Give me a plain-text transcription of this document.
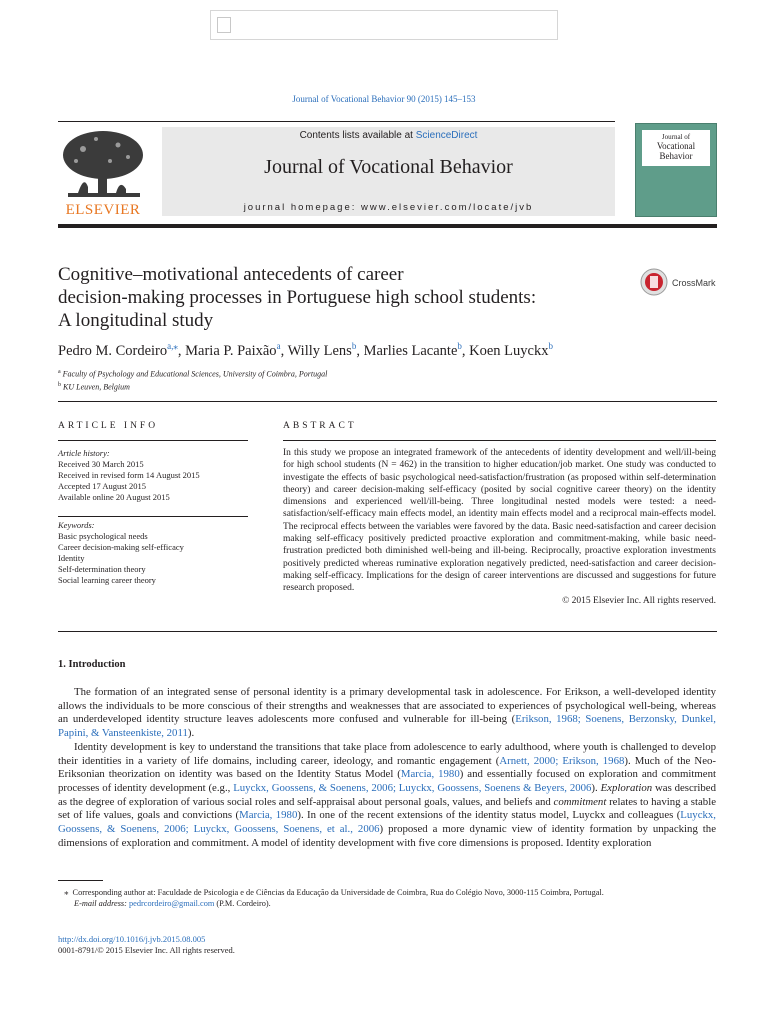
Journal of Vocational Behavior 90 (2015) 145–153
ELSEVIER
Contents lists available at ScienceDirect
Journal of Vocational Behavior
journal homepage: www.elsevier.com/locate/jvb
Journal of
Vocational
Behavior
Cognitive–motivational antecedents of career
decision-making processes in Portuguese high school students:
A longitudinal study
CrossMark
Pedro M. Cordeiro$^{a,⁎}$, Maria P. Paixão$^a$, Willy Lens$^b$, Marlies Lacante$^b$, Koen Luyckx$^b$
$^a$ Faculty of Psychology and Educational Sciences, University of Coimbra, Portugal
$^b$ KU Leuven, Belgium
ARTICLE INFO
Article history:
Received 30 March 2015
Received in revised form 14 August 2015
Accepted 17 August 2015
Available online 20 August 2015
Keywords:
Basic psychological needs
Career decision-making self-efficacy
Identity
Self-determination theory
Social learning career theory
ABSTRACT
In this study we propose an integrated framework of the antecedents of identity development and well/ill-being for high school students (N = 462) in the transition to higher education/job market. One study was conducted to investigate the effects of basic psychological need-satisfaction/frustration (as proposed within self-determination theory) and career decision-making self-efficacy (posited by social cognitive career theory) on the identity dimensions and experienced well/ill-being. Three longitudinal nested models were tested: a need-satisfaction/self-efficacy main effects model, an identity main effects model and a reciprocal main-effects model. The reciprocal effects between the variables were favored by the data. Basic need-satisfaction and career decision making self-efficacy positively predicted proactive exploration and commitment-making, while basic need-frustration predicted both diminished well-being and ill-being. Reciprocally, proactive exploration investments positively predicted whereas ruminative exploration negatively predicted, need-satisfaction and career decision-making self-efficacy. Implications for the design of career interventions are discussed and suggestions for future research proposed.
© 2015 Elsevier Inc. All rights reserved.
1. Introduction

The formation of an integrated sense of personal identity is a primary developmental task in adolescence. For Erikson, a well-developed identity allows the individuals to be more conscious of their strengths and weaknesses that are associated to experiences of psychological well-being, whereas an underdeveloped identity structure leaves adolescents more confused and vulnerable for ill-being (Erikson, 1968; Soenens, Berzonsky, Dunkel, Papini, & Vansteenkiste, 2011).

Identity development is key to understand the transitions that take place from adolescence to early adulthood, where youth is challenged to develop their identities in a variety of life domains, including career, ideology, and romantic engagement (Arnett, 2000; Erikson, 1968). Much of the Neo-Eriksonian theorization on identity was based on the Identity Status Model (Marcia, 1980) and essentially focused on exploration and commitment processes of identity development (e.g., Luyckx, Goossens, & Soenens, 2006; Luyckx, Goossens, Soenens & Beyers, 2006). Exploration was described as the degree of exploration of various social roles and self-appraisal about personal goals, values, and beliefs and commitment relates to having a stable set of life values, goals and convictions (Marcia, 1980). In one of the recent extensions of the identity status model, Luyckx and colleagues (Luyckx, Goossens, & Soenens, 2006; Luyckx, Goossens, Soenens, et al., 2006) proposed a more dynamic view of identity formation by unpacking the dimensions of exploration and commitment. A model of identity development with five core dimensions is proposed. Identity exploration

⁎ Corresponding author at: Faculdade de Psicologia e de Ciências da Educação da Universidade de Coimbra, Rua do Colégio Novo, 3000-115 Coimbra, Portugal.
E-mail address: pedrcordeiro@gmail.com (P.M. Cordeiro).
http://dx.doi.org/10.1016/j.jvb.2015.08.005
0001-8791/© 2015 Elsevier Inc. All rights reserved.
